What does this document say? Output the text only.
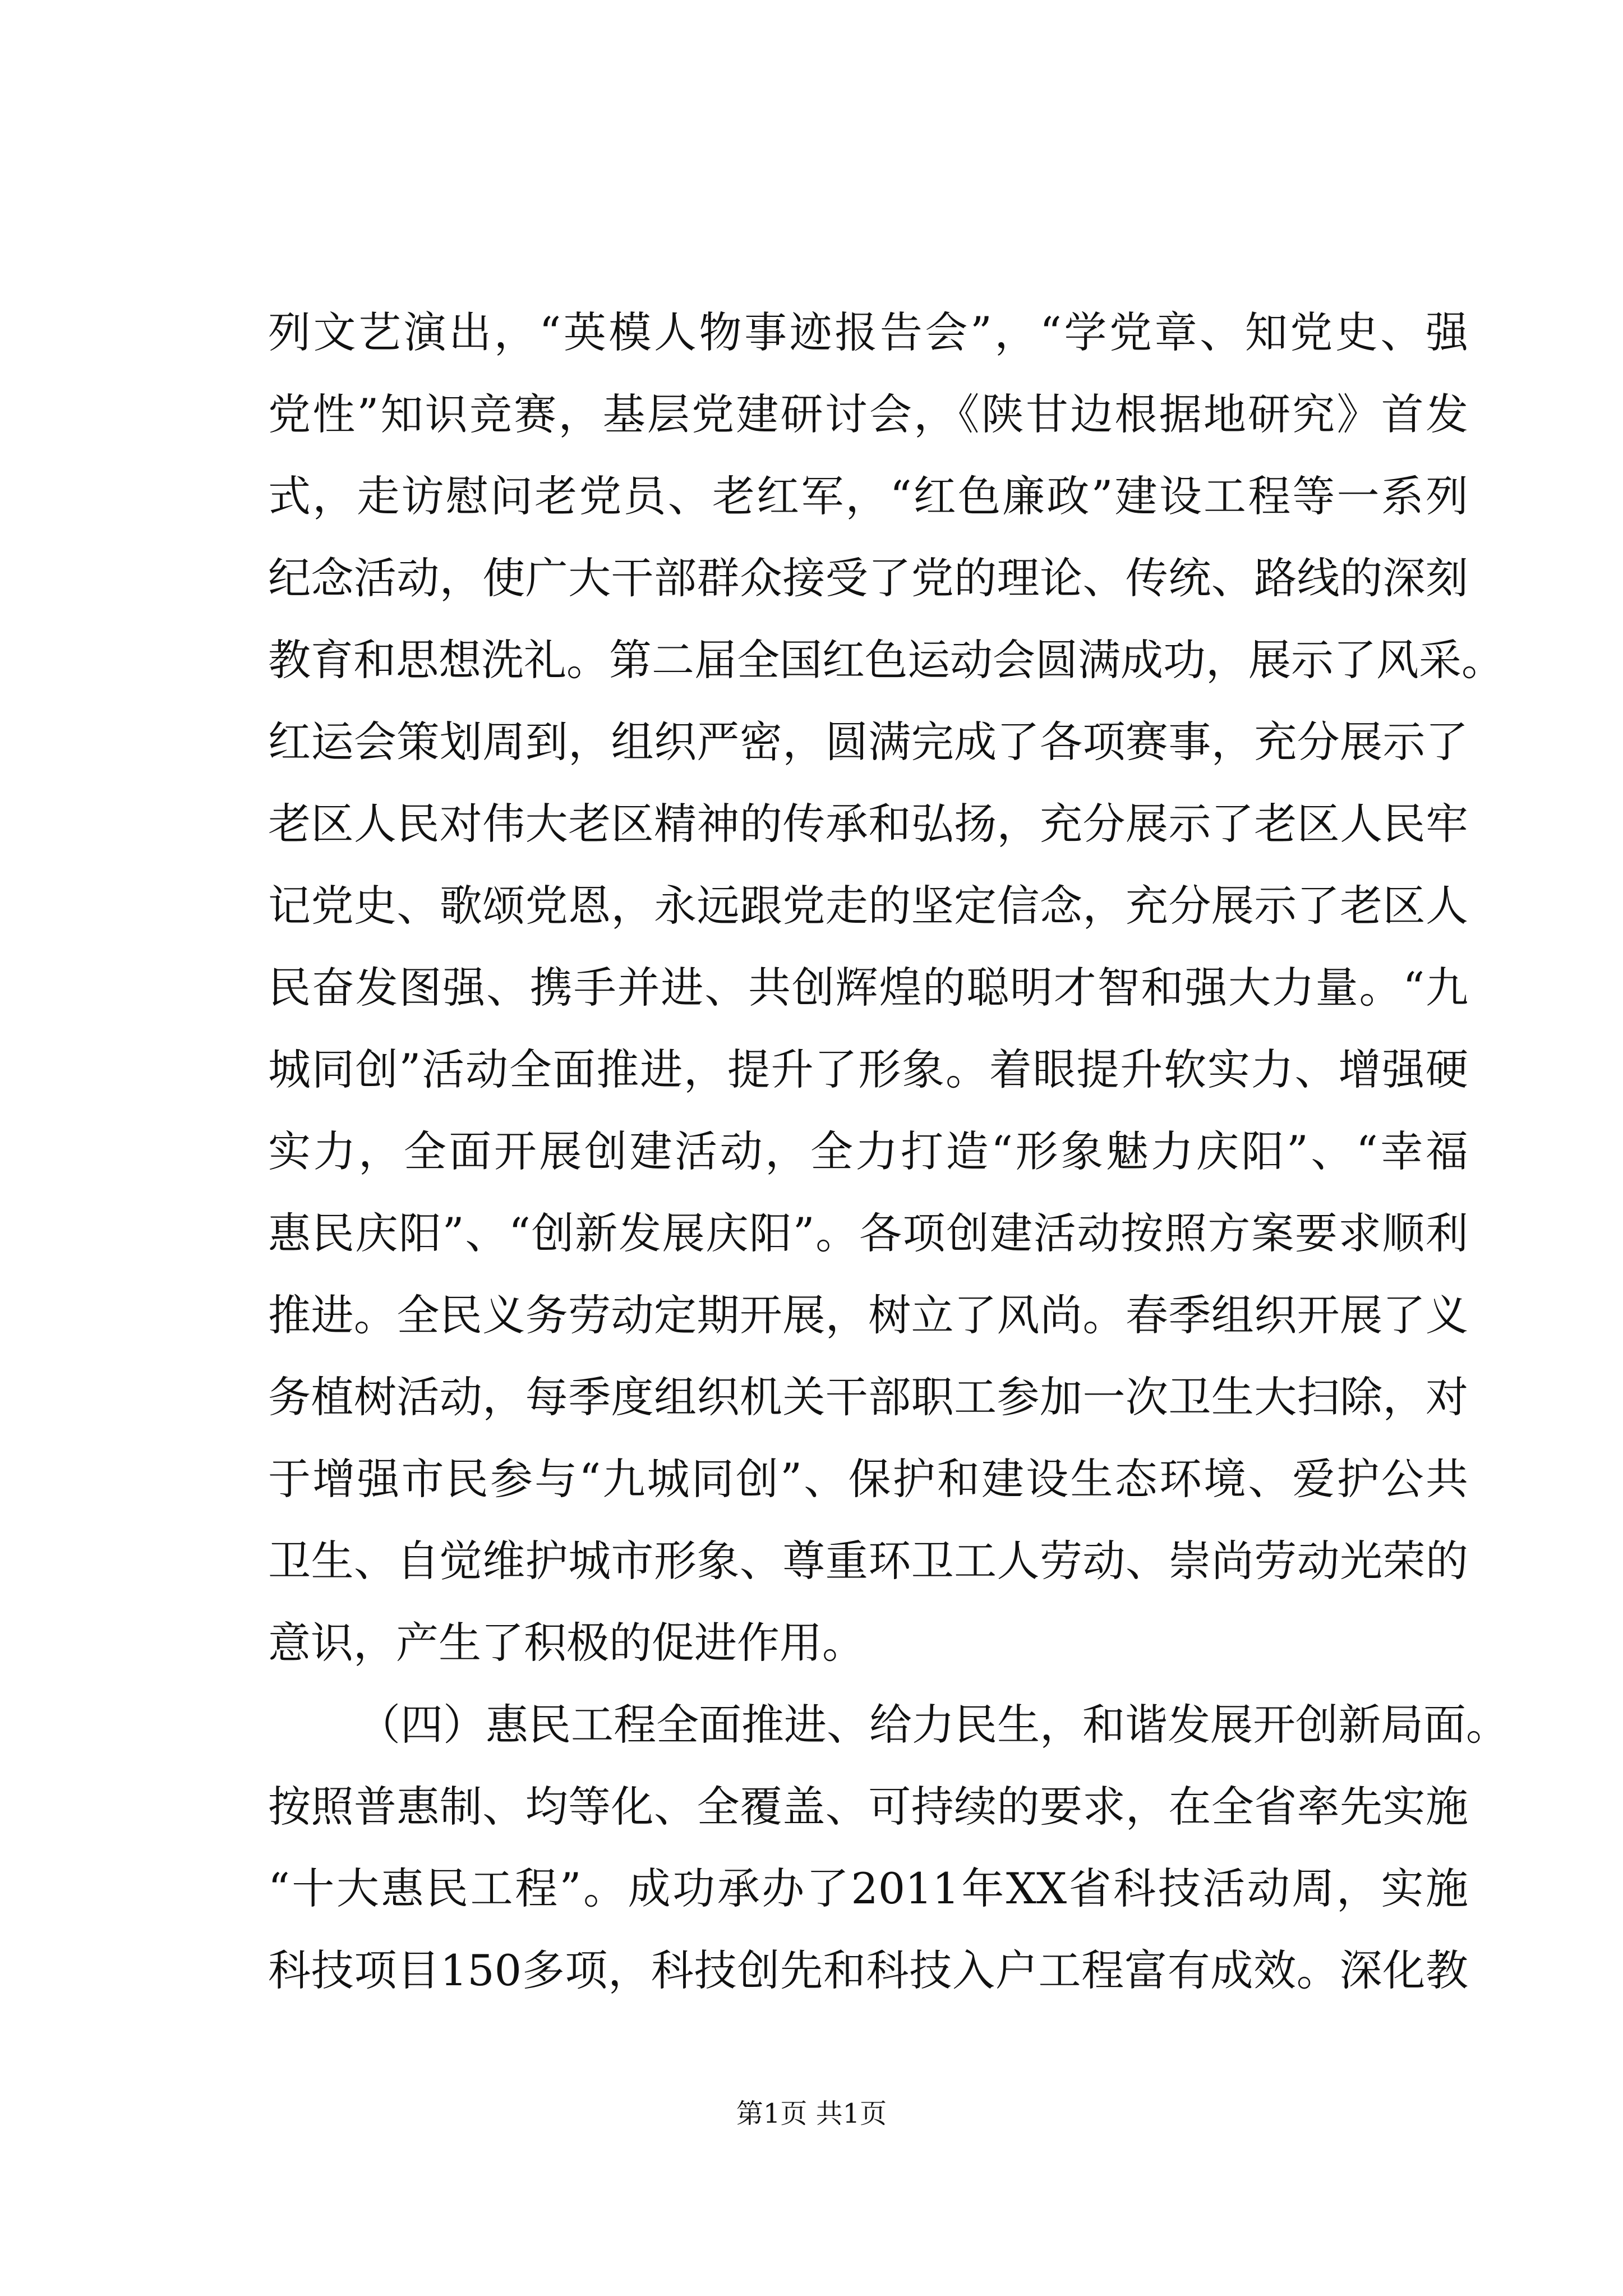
列文艺演出，“英模人物事迹报告会”，“学党章、知党史、强
党性”知识竞赛，基层党建研讨会，《陕甘边根据地研究》首发
式，走访慰问老党员、老红军，“红色廉政”建设工程等一系列
纪念活动，使广大干部群众接受了党的理论、传统、路线的深刻
教育和思想洗礼。第二届全国红色运动会圆满成功，展示了风采。
红运会策划周到，组织严密，圆满完成了各项赛事，充分展示了
老区人民对伟大老区精神的传承和弘扬，充分展示了老区人民牢
记党史、歌颂党恩，永远跟党走的坚定信念，充分展示了老区人
民奋发图强、携手并进、共创辉煌的聪明才智和强大力量。“九
城同创”活动全面推进，提升了形象。着眼提升软实力、增强硬
实力，全面开展创建活动，全力打造“形象魅力庆阳”、“幸福
惠民庆阳”、“创新发展庆阳”。各项创建活动按照方案要求顺利
推进。全民义务劳动定期开展，树立了风尚。春季组织开展了义
务植树活动，每季度组织机关干部职工参加一次卫生大扫除，对
于增强市民参与“九城同创”、保护和建设生态环境、爱护公共
卫生、自觉维护城市形象、尊重环卫工人劳动、崇尚劳动光荣的
意识，产生了积极的促进作用。
（四）惠民工程全面推进、给力民生，和谐发展开创新局面。
按照普惠制、均等化、全覆盖、可持续的要求，在全省率先实施
“十大惠民工程”。成功承办了2011年XX省科技活动周，实施
科技项目150多项，科技创先和科技入户工程富有成效。深化教
第1页 共1页
